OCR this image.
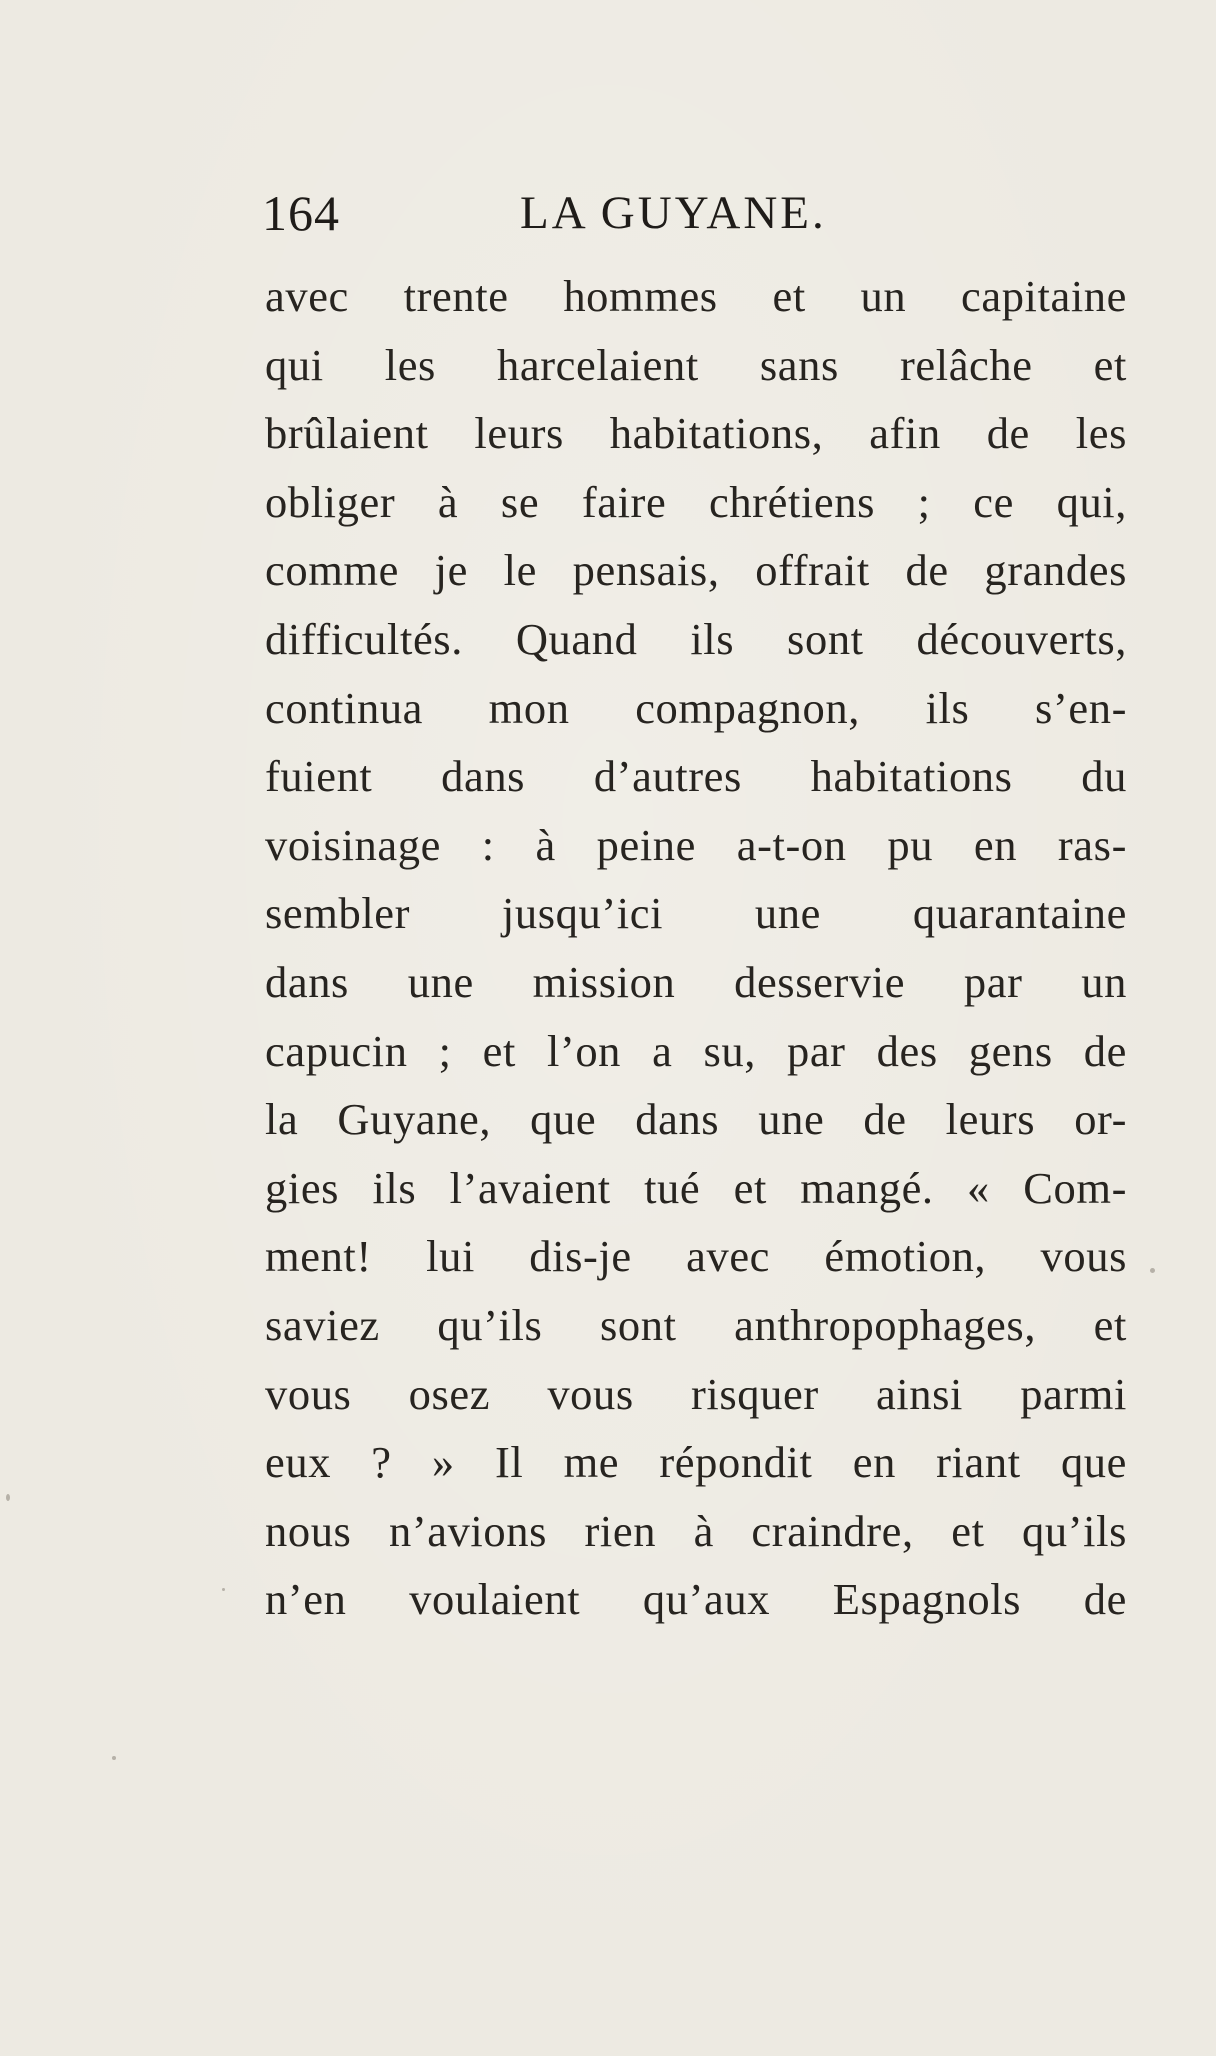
164	LA GUYANE.
avec trente hommes et un capitaine
qui les harcelaient sans relâche et
brûlaient leurs habitations, afin de les
obliger à se faire chrétiens ; ce qui,
comme je le pensais, offrait de grandes
difficultés. Quand ils sont découverts,
continua mon compagnon, ils s’en-
fuient dans d’autres habitations du
voisinage : à peine a-t-on pu en ras-
sembler jusqu’ici une quarantaine
dans une mission desservie par un
capucin ; et l’on a su, par des gens de
la Guyane, que dans une de leurs or-
gies ils l’avaient tué et mangé. « Com-
ment! lui dis-je avec émotion, vous
saviez qu’ils sont anthropophages, et
vous osez vous risquer ainsi parmi
eux ? » Il me répondit en riant que
nous n’avions rien à craindre, et qu’ils
n’en voulaient qu’aux Espagnols de
